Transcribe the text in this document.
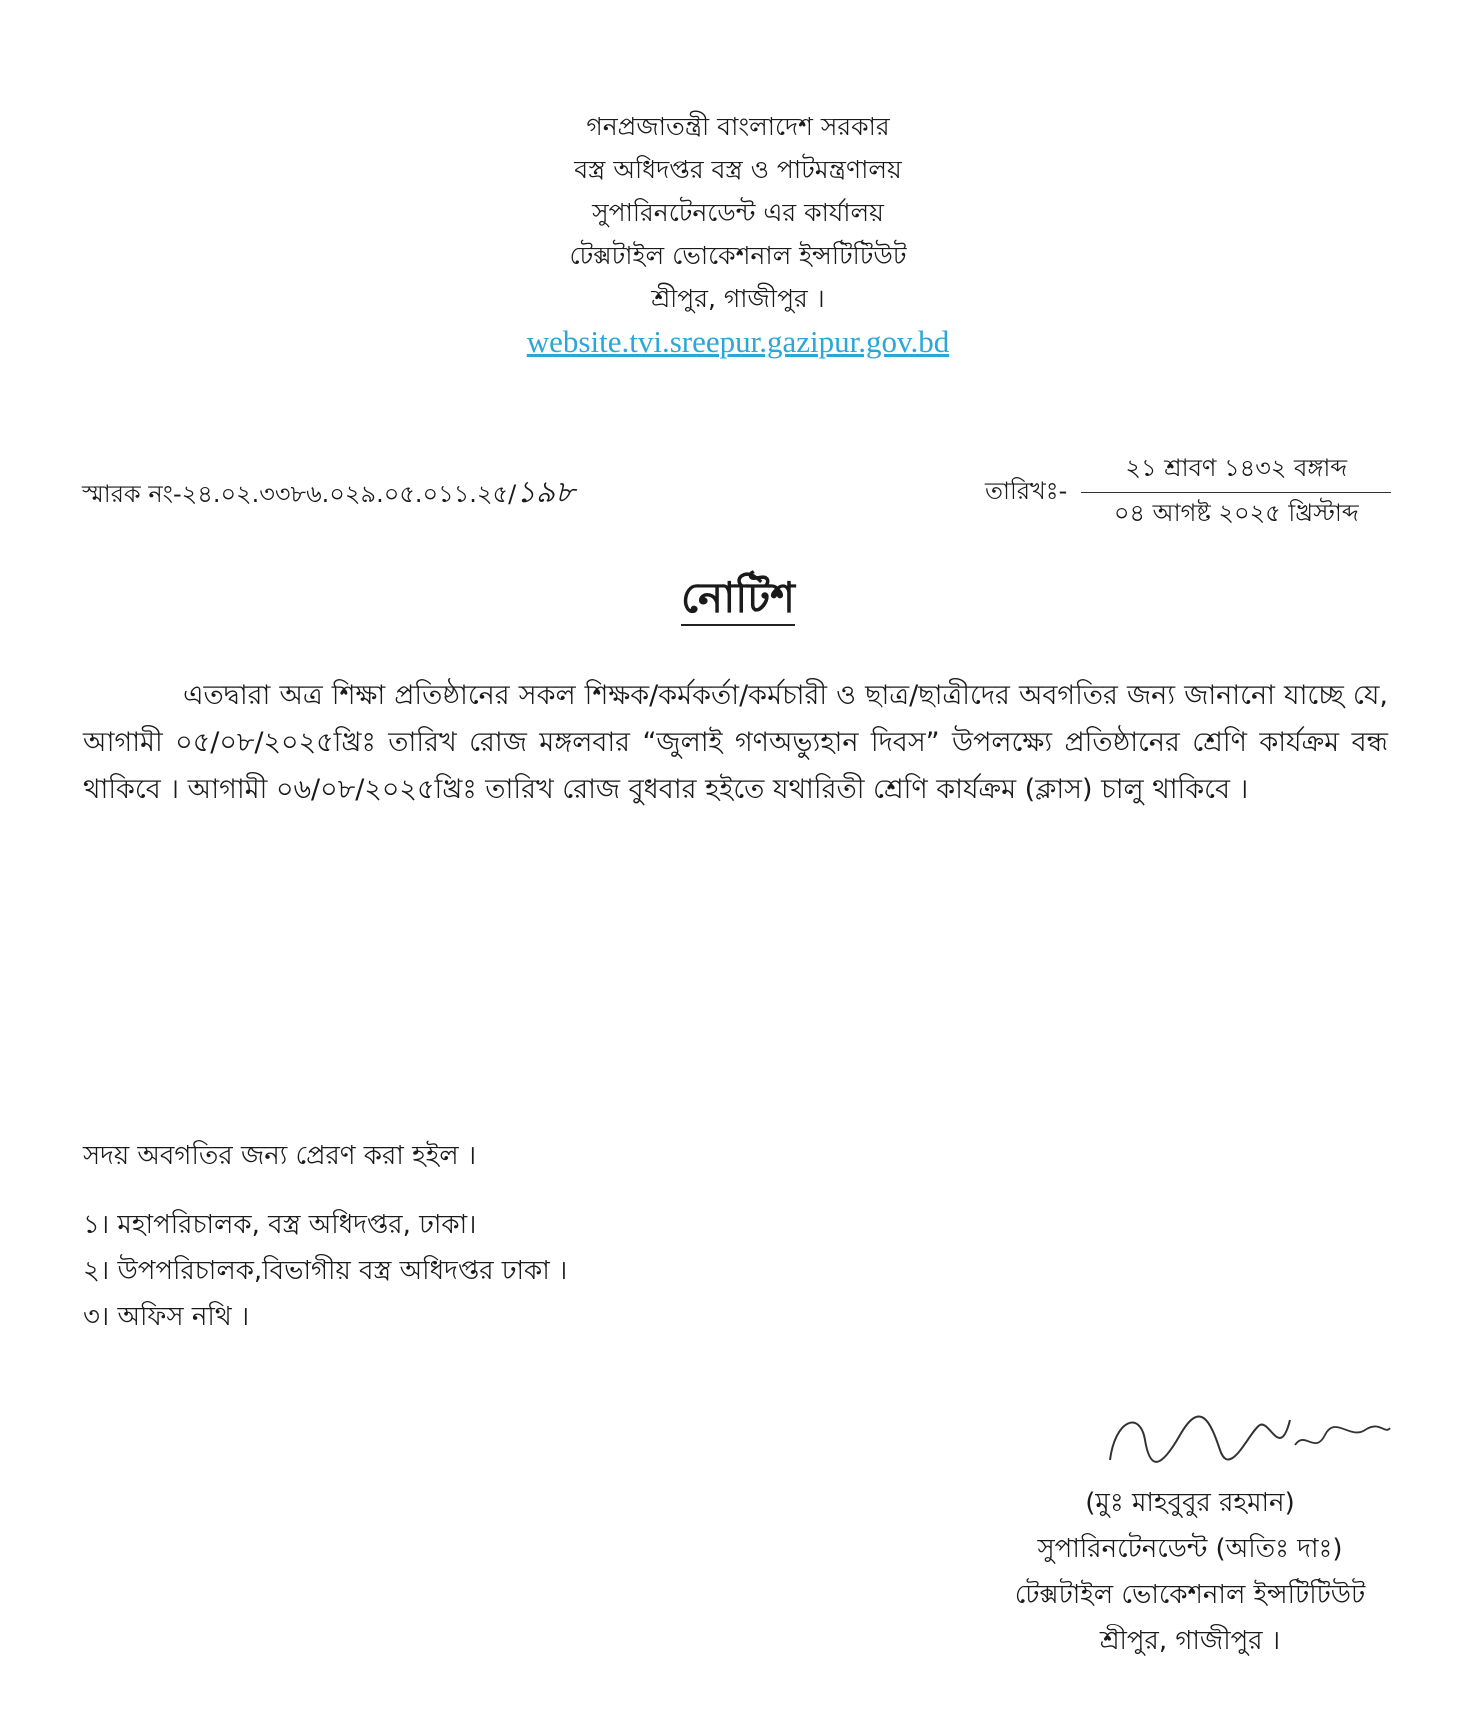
গনপ্রজাতন্ত্রী বাংলাদেশ সরকার
বস্ত্র অধিদপ্তর বস্ত্র ও পাটমন্ত্রণালয়
সুপারিনটেনডেন্ট এর কার্যালয়
টেক্সটাইল ভোকেশনাল ইন্সটিটিউট
শ্রীপুর, গাজীপুর ।
website.tvi.sreepur.gazipur.gov.bd
স্মারক নং-২৪.০২.৩৩৮৬.০২৯.০৫.০১১.২৫/১৯৮	তারিখঃ- $\frac{\text{২১ শ্রাবণ ১৪৩২ বঙ্গাব্দ}}{\text{০৪ আগষ্ট ২০২৫ খ্রিস্টাব্দ}}$
নোটিশ
এতদ্বারা অত্র শিক্ষা প্রতিষ্ঠানের সকল শিক্ষক/কর্মকর্তা/কর্মচারী ও ছাত্র/ছাত্রীদের অবগতির জন্য জানানো যাচ্ছে যে, আগামী ০৫/০৮/২০২৫খ্রিঃ তারিখ রোজ মঙ্গলবার “জুলাই গণঅভ্যুহান দিবস” উপলক্ষ্যে প্রতিষ্ঠানের শ্রেণি কার্যক্রম বন্ধ থাকিবে । আগামী ০৬/০৮/২০২৫খ্রিঃ তারিখ রোজ বুধবার হইতে যথারিতী শ্রেণি কার্যক্রম (ক্লাস) চালু থাকিবে ।
সদয় অবগতির জন্য প্রেরণ করা হইল ।
১। মহাপরিচালক, বস্ত্র অধিদপ্তর, ঢাকা।
২। উপপরিচালক,বিভাগীয় বস্ত্র অধিদপ্তর ঢাকা ।
৩। অফিস নথি ।
(মুঃ মাহবুবুর রহমান)
সুপারিনটেনডেন্ট (অতিঃ দাঃ)
টেক্সটাইল ভোকেশনাল ইন্সটিটিউট
শ্রীপুর, গাজীপুর ।
